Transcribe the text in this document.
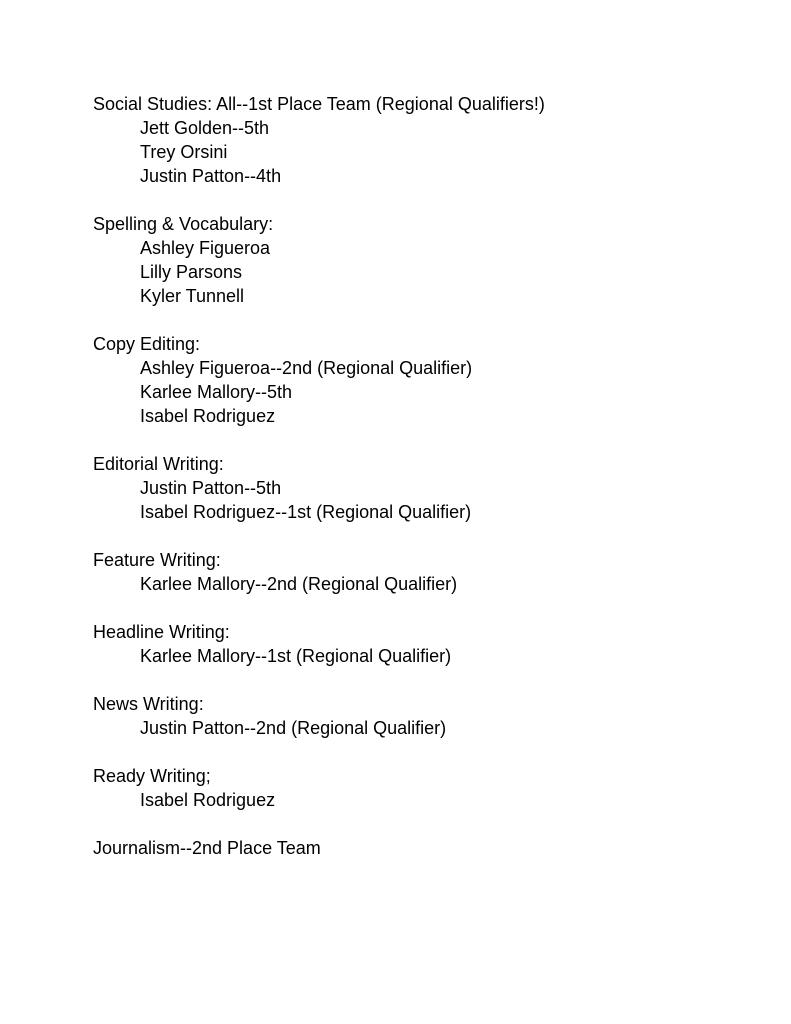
Social Studies: All--1st Place Team (Regional Qualifiers!)
Jett Golden--5th
Trey Orsini
Justin Patton--4th
Spelling & Vocabulary:
Ashley Figueroa
Lilly Parsons
Kyler Tunnell
Copy Editing:
Ashley Figueroa--2nd (Regional Qualifier)
Karlee Mallory--5th
Isabel Rodriguez
Editorial Writing:
Justin Patton--5th
Isabel Rodriguez--1st (Regional Qualifier)
Feature Writing:
Karlee Mallory--2nd (Regional Qualifier)
Headline Writing:
Karlee Mallory--1st (Regional Qualifier)
News Writing:
Justin Patton--2nd (Regional Qualifier)
Ready Writing;
Isabel Rodriguez
Journalism--2nd Place Team
